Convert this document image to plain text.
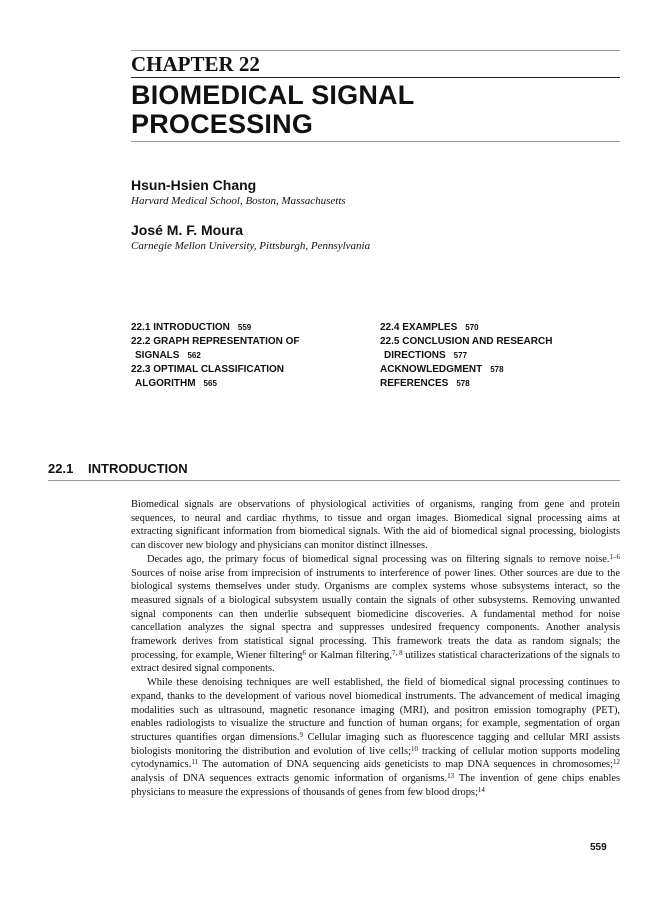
CHAPTER 22
BIOMEDICAL SIGNAL
PROCESSING
Hsun-Hsien Chang
Harvard Medical School, Boston, Massachusetts
José M. F. Moura
Carnegie Mellon University, Pittsburgh, Pennsylvania
22.1 INTRODUCTION 559
22.2 GRAPH REPRESENTATION OF
SIGNALS 562
22.3 OPTIMAL CLASSIFICATION
ALGORITHM 565
22.4 EXAMPLES 570
22.5 CONCLUSION AND RESEARCH
DIRECTIONS 577
ACKNOWLEDGMENT 578
REFERENCES 578
22.1 INTRODUCTION

Biomedical signals are observations of physiological activities of organisms, ranging from gene and protein sequences, to neural and cardiac rhythms, to tissue and organ images. Biomedical signal processing aims at extracting significant information from biomedical signals. With the aid of biomedical signal processing, biologists can discover new biology and physicians can monitor distinct illnesses.

Decades ago, the primary focus of biomedical signal processing was on filtering signals to remove noise.$^{1-6}$ Sources of noise arise from imprecision of instruments to interference of power lines. Other sources are due to the biological systems themselves under study. Organisms are complex systems whose subsystems interact, so the measured signals of a biological subsystem usually contain the signals of other subsystems. Removing unwanted signal components can then underlie subsequent biomedicine discoveries. A fundamental method for noise cancellation analyzes the signal spectra and suppresses undesired frequency components. Another analysis framework derives from statistical signal processing. This framework treats the data as random signals; the processing, for example, Wiener filtering$^6$ or Kalman filtering,$^{7, 8}$ utilizes statistical characterizations of the signals to extract desired signal components.

While these denoising techniques are well established, the field of biomedical signal processing continues to expand, thanks to the development of various novel biomedical instruments. The advancement of medical imaging modalities such as ultrasound, magnetic resonance imaging (MRI), and positron emission tomography (PET), enables radiologists to visualize the structure and function of human organs; for example, segmentation of organ structures quantifies organ dimensions.$^9$ Cellular imaging such as fluorescence tagging and cellular MRI assists biologists monitoring the distribution and evolution of live cells;$^{10}$ tracking of cellular motion supports modeling cytodynamics.$^{11}$ The automation of DNA sequencing aids geneticists to map DNA sequences in chromosomes;$^{12}$ analysis of DNA sequences extracts genomic information of organisms.$^{13}$ The invention of gene chips enables physicians to measure the expressions of thousands of genes from few blood drops;$^{14}$

559
